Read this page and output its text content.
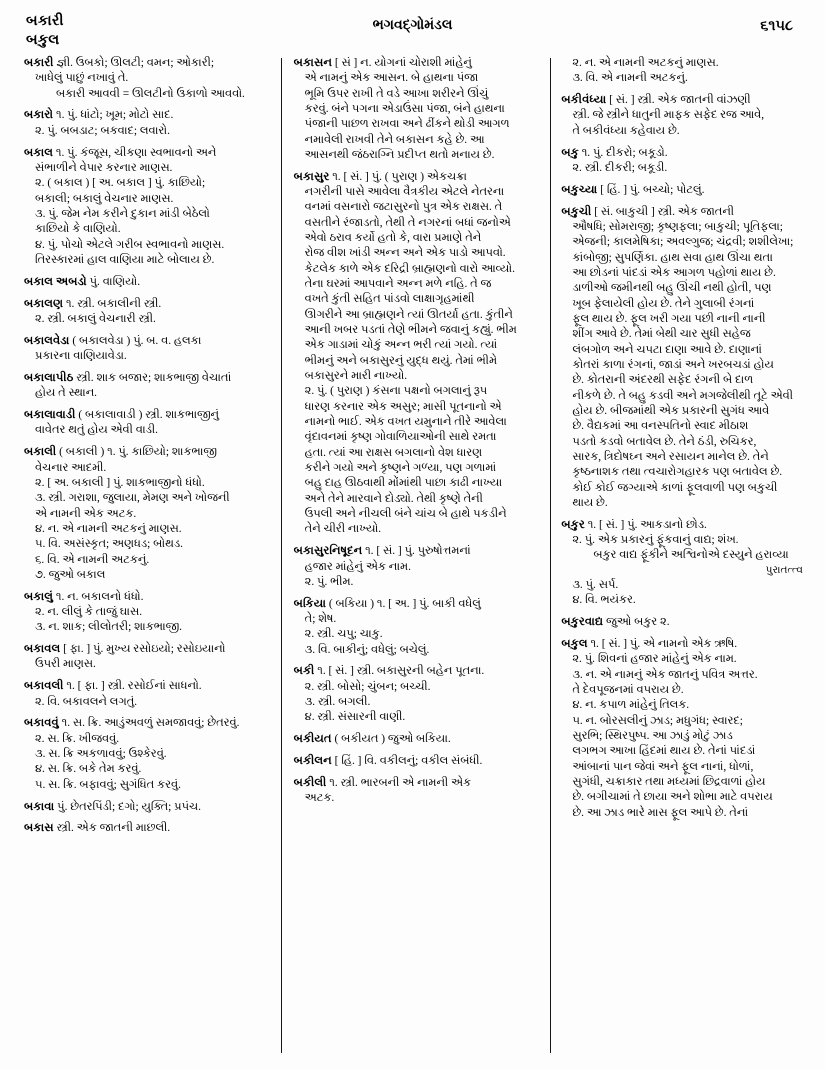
બકારી
બકુલ
ભગવદ્‌ગોમંડલ	૬૧૫૮
બકારી જ્ઞી. ઉબકો; ઊલટી; વમન; ઓકારી;
ખાધેલું પાછું નખાવું તે.
બકારી આવવી = ઊલટીનો ઉકાળો આવવો.
બકારો ૧. પું. ધાંટો; ખૂમ; મોટો સાદ.
૨. પું. બબડાટ; બકવાદ; લવારો.
બકાલ ૧. પું. કંજૂસ, ચીકણા સ્વભાવનો અને
સંભાળીને વેપાર કરનાર માણસ.
૨. ( બકાલ ) [ અ. બકાલ ] પું. કાછિયો;
બકાલી; બકાલું વેચનાર માણસ.
૩. પું. જેમ નેમ કરીને દુકાન માંડી બેઠેલો
કાછિયો કે વાણિયો.
૪. પું. પોચો એટલે ગરીબ સ્વભાવનો માણસ.
તિરસ્કારમાં હાલ વાણિયા માટે બોલાય છે.
બકાલ અબડો પું. વાણિયો.
બકાલણ ૧. સ્ત્રી. બકાલીની સ્ત્રી.
૨. સ્ત્રી. બકાલું વેચનારી સ્ત્રી.
બકાલવેડા ( બકાલવેડા ) પું. બ. વ. હલકા
પ્રકારના વાણિયાવેડા.
બકાલાપીઠ સ્ત્રી. શાક બજાર; શાકભાજી વેચાતાં
હોય તે સ્થાન.
બકાલાવાડી ( બકાલાવાડી ) સ્ત્રી. શાકભાજીનું
વાવેતર થતું હોય એવી વાડી.
બકાલી ( બકાલી ) ૧. પું. કાછિયો; શાકભાજી
વેચનાર આદમી.
૨. [ અ. બકાલી ] પું. શાકભાજીનો ધંધો.
૩. સ્ત્રી. ગરાશા, જુલાયા, મેમણ અને ખોજની
એ નામની એક અટક.
૪. ન. એ નામની અટકનું માણસ.
૫. વિ. અસંસ્કૃત; અણધડ; બોથડ.
૬. વિ. એ નામની અટકનું.
૭. જુઓ બકાલ
બકાલું ૧. ન. બકાલનો ધંધો.
૨. ન. લીલું કે તાજું ઘાસ.
૩. ન. શાક; લીલોતરી; શાકભાજી.
બકાવલ [ ફા. ] પું. મુખ્ય રસોઇયો; રસોઇયાનો
ઉપરી માણસ.
બકાવલી ૧. [ ફા. ] સ્ત્રી. રસોઈનાં સાધનો.
૨. વિ. બકાવલને લગતું.
બકાવવું ૧. સ. ક્રિ. આડુંઅવળું સમજાવવું; છેતરવું.
૨. સ. ક્રિ. ખીજવવું.
૩. સ. ક્રિ અકળાવવું; ઉશ્કેરવું.
૪. સ. ક્રિ. બકે તેમ કરવું.
૫. સ. ક્રિ. બફાવવું; સુગંધિત કરવું.
બકાવા પું. છેતરપિંડી; દગો; યુક્તિ; પ્રપંચ.
બકાસ સ્ત્રી. એક જાતની માછલી.
બકાસન [ સં ] ન. યોગનાં ચોરાશી માંહેનું
એ નામનું એક આસન. બે હાથના પંજા
ભૂમિ ઉપર રાખી તે વડે આખા શરીરને ઊંચું
કરવું. બંને પગના એડાઉંસા પંજા, બંને હાથના
પંજાની પાછળ રાખવા અને ઢીંકને થોડી આગળ
નમાવેલી રાખવી તેને બકાસન કહે છે. આ
આસનથી જંઠરાગ્નિ પ્રદીપ્ત થતો મનાય છે.
બકાસુર ૧. [ સં. ] પું. ( પુરાણ ) એકચક્રા
નગરીની પાસે આવેલા વૈત્રકીય એટલે નેતરના
વનમાં વસનારો જટાસુરનો પુત્ર એક રાક્ષસ. તે
વસતીને રંજાડતો, તેથી તે નગરનાં બધાં જનોએ
એવો ઠરાવ કર્યો હતો કે, વારા પ્રમાણે તેને
રોજ વીશ ખાંડી અન્ન અને એક પાડો આપવો.
કેટલેક કાળે એક દરિદ્રી બ્રાહ્મણનો વારો આવ્યો.
તેના ઘરમાં આપવાને અન્ન મળે નહિ. તે જ
વખતે કુંતી સહિત પાંડવો લાક્ષાગૃહમાંથી
ઊગરીને આ બ્રાહ્મણને ત્યાં ઊતર્યા હતા. કુંતીને
આની ખબર પડતાં તેણે ભીમને જવાનું કહ્યું. ભીમ
એક ગાડામાં ચોકું અન્ન ભરી ત્યાં ગયો. ત્યાં
ભીમનું અને બકાસુરનું યુદ્ધ થયું. તેમાં ભીમે
બકાસુરને મારી નાખ્યો.
૨. પું. ( પુરાણ ) કંસના પક્ષનો બગલાનું રૂપ
ધારણ કરનાર એક અસુર; માસી પૂતનાનો એ
નામનો ભાઈ. એક વખત યમુનાને તીરે આવેલા
વૃંદાવનમાં કૃષ્ણ ગોવાળિયાઓની સાથે રમતા
હતા. ત્યાં આ રાક્ષસ બગલાનો વેશ ધારણ
કરીને ગયો અને કૃષ્ણને ગળ્યા, પણ ગળામાં
બહુ દાહ ઊઠવાથી મોંમાંથી પાછા કાઢી નાખ્યા
અને તેને મારવાને દોડ્યો. તેથી કૃષ્ણે તેની
ઉપલી અને નીચલી બંને ચાંચ બે હાથે પકડીને
તેને ચીરી નાખ્યો.
બકાસુરનિષૂદન ૧. [ સં. ] પું. પુરુષોત્તમનાં
હજાર માંહેનું એક નામ.
૨. પું. ભીમ.
બકિયા ( બકિયા ) ૧. [ અ. ] પું. બાકી વધેલું
તે; શેષ.
૨. સ્ત્રી. ચપુ; ચાકુ.
૩. વિ. બાકીનું; વધેલું; બચેલું.
બકી ૧. [ સં. ] સ્ત્રી. બકાસુરની બહેન પૂતના.
૨. સ્ત્રી. બોસો; ચુંબન; બચ્ચી.
૩. સ્ત્રી. બગલી.
૪. સ્ત્રી. સંસારની વાણી.
બકીયત ( બકીયત ) જુઓ બકિયા.
બકીલન [ હિં. ] વિ. વકીલનું; વકીલ સંબંધી.
બકીલી ૧. સ્ત્રી. ભારબની એ નામની એક
અટક.
૨. ન. એ નામની અટકનું માણસ.
૩. વિ. એ નામની અટકનું.
બકીવંધ્યા [ સં. ] સ્ત્રી. એક જાતની વાંઝણી
સ્ત્રી. જે સ્ત્રીને ધાતુની માફક સફેદ રજ આવે,
તે બકીવંધ્યા કહેવાય છે.
બકુ ૧. પું. દીકરો; બકૂડો.
૨. સ્ત્રી. દીકરી; બકૂડી.
બકુચ્યા [ હિં. ] પું. બચ્ચો; પોટલું.
બકુચી [ સં. બાકુચી ] સ્ત્રી. એક જાતની
ઔષધિ; સોમરાજી; કૃષ્ણફલા; બાકુચી; પૂતિફલા;
એજની; કાલમેષિકા; અવલ્ગુજ; ચંદ્રવી; શશીલેખા;
કાંબોજી; સુપર્ણિકા. હાથ સવા હાથ ઊંચા થતા
આ છોડનાં પાંદડાં એક આગળ પહોળાં થાય છે.
ડાળીઓ જમીનથી બહુ ઊંચી નથી હોતી, પણ
ખૂબ ફેલાયેલી હોય છે. તેને ગુલાબી રંગનાં
ફૂલ થાય છે. ફૂલ ખરી ગયા પછી નાની નાની
શીંગ આવે છે. તેમાં બેથી ચાર સુધી સહેજ
લંબગોળ અને ચપટા દાણા આવે છે. દાણાનાં
કોતરાં કાળા રંગનાં, જાડાં અને ખરબચડાં હોય
છે. કોતરાની અંદરથી સફેદ રંગની બે દાળ
નીકળે છે. તે બહુ કડવી અને મગજેલીથી તૂટે એવી
હોય છે. બીજમાંથી એક પ્રકારની સુગંધ આવે
છે. વૈદ્યકમાં આ વનસ્પતિનો સ્વાદ મીઠાશ
પડતો કડવો બતાવેલ છે. તેને ઠંડી, રુચિકર,
સારક, ત્રિદોષઘ્ન અને રસાયન માનેલ છે. તેને
કૃષ્ઠનાશક તથા ત્વચારોગહારક પણ બતાવેલ છે.
કોઈ કોઈ જગ્યાએ કાળાં ફૂલવાળી પણ બકુચી
થાય છે.
બકુર ૧. [ સં. ] પું. આકડાનો છોડ.
૨. પું. એક પ્રકારનું ફૂંકવાનું વાદ્ય; શંખ.
બકુર વાદ્ય ફૂંકીને અશ્વિનોએ દસ્યુને હરાવ્યા
પુરાતત્ત્વ
૩. પું. સર્પ.
૪. વિ. ભયંકર.
બકુરવાદ્ય જુઓ બકુર ૨.
બકુલ ૧. [ સં. ] પું. એ નામનો એક ઋષિ.
૨. પું. શિવનાં હજાર માંહેનું એક નામ.
૩. ન. એ નામનું એક જાતનું પવિત્ર અત્તર.
તે દેવપૂજનમાં વપરાય છે.
૪. ન. કપાળ માંહેનું તિલક.
૫. ન. બોરસલીનું ઝાડ; મધુગંધ; સ્વારદ;
સુરભિ; સ્થિરપુષ્પ. આ ઝાડું મોટું ઝાડ
લગભગ આખા હિંદમાં થાય છે. તેનાં પાંદડાં
આંબાનાં પાન જેવાં અને ફૂલ નાનાં, ધોળાં,
સુગંધી, ચક્રાકાર તથા મધ્યમાં છિદ્રવાળાં હોય
છે. બગીચામાં તે છાયા અને શોભા માટે વપરાય
છે. આ ઝાડ ભારે માસ ફૂલ આપે છે. તેનાં
